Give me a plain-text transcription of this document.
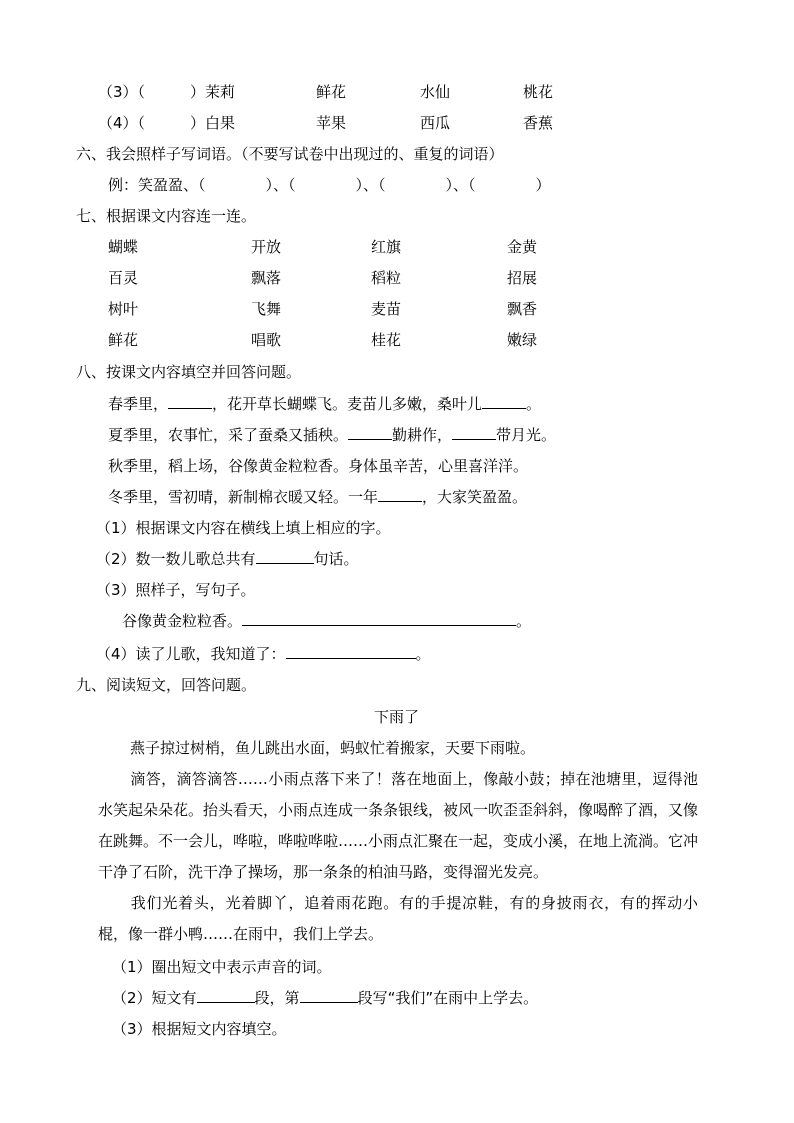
（3）（　　　）茉莉	鲜花	水仙	桃花
（4）（　　　）白果	苹果	西瓜	香蕉
六、我会照样子写词语。（不要写试卷中出现过的、重复的词语）
例：笑盈盈、（　　　　）、（　　　　）、（　　　　）、（　　　　）
七、根据课文内容连一连。
蝴蝶	开放	红旗	金黄
百灵	飘落	稻粒	招展
树叶	飞舞	麦苗	飘香
鲜花	唱歌	桂花	嫩绿
八、按课文内容填空并回答问题。
春季里，	，花开草长蝴蝶飞。麦苗儿多嫩，桑叶儿	。
夏季里，农事忙，采了蚕桑又插秧。	勤耕作，	带月光。
秋季里，稻上场，谷像黄金粒粒香。身体虽辛苦，心里喜洋洋。
冬季里，雪初晴，新制棉衣暖又轻。一年	，大家笑盈盈。
（1）根据课文内容在横线上填上相应的字。
（2）数一数儿歌总共有	句话。
（3）照样子，写句子。
谷像黄金粒粒香。	。
（4）读了儿歌，我知道了：	。
九、阅读短文，回答问题。
下雨了
燕子掠过树梢，鱼儿跳出水面，蚂蚁忙着搬家，天要下雨啦。
滴答，滴答滴答……小雨点落下来了！落在地面上，像敲小鼓；掉在池塘里，逗得池水笑起朵朵花。抬头看天，小雨点连成一条条银线，被风一吹歪歪斜斜，像喝醉了酒，又像在跳舞。不一会儿，哗啦，哗啦哗啦……小雨点汇聚在一起，变成小溪，在地上流淌。它冲干净了石阶，洗干净了操场，那一条条的柏油马路，变得溜光发亮。
我们光着头，光着脚丫，追着雨花跑。有的手提凉鞋，有的身披雨衣，有的挥动小棍，像一群小鸭……在雨中，我们上学去。
（1）圈出短文中表示声音的词。
（2）短文有	段，第	段写“我们”在雨中上学去。
（3）根据短文内容填空。
